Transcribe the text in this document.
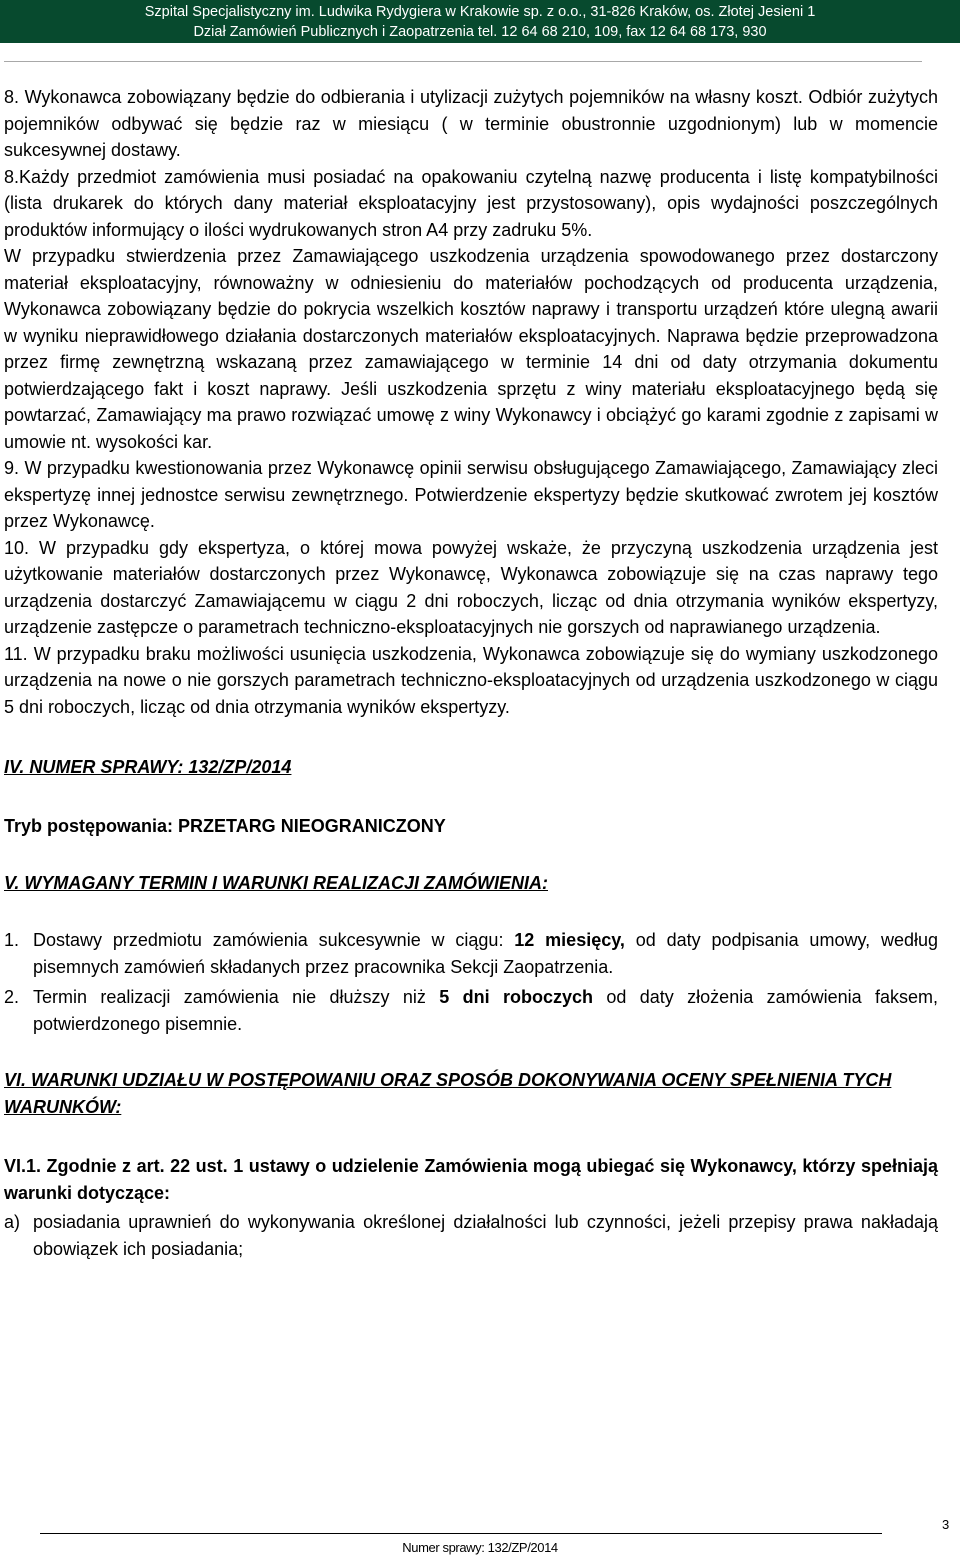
Szpital Specjalistyczny im. Ludwika Rydygiera w Krakowie sp. z o.o., 31-826 Kraków, os. Złotej Jesieni 1
Dział Zamówień Publicznych i Zaopatrzenia tel. 12 64 68 210, 109, fax 12 64 68 173, 930

8. Wykonawca zobowiązany będzie do odbierania i utylizacji zużytych pojemników na własny koszt. Odbiór zużytych pojemników odbywać się będzie raz w miesiącu ( w terminie obustronnie uzgodnionym) lub w momencie sukcesywnej dostawy.

8.Każdy przedmiot zamówienia musi posiadać na opakowaniu czytelną nazwę producenta i listę kompatybilności (lista drukarek do których dany materiał eksploatacyjny jest przystosowany), opis wydajności poszczególnych produktów informujący o ilości wydrukowanych stron A4 przy zadruku 5%.

W przypadku stwierdzenia przez Zamawiającego uszkodzenia urządzenia spowodowanego przez dostarczony materiał eksploatacyjny, równoważny w odniesieniu do materiałów pochodzących od producenta urządzenia, Wykonawca zobowiązany będzie do pokrycia wszelkich kosztów naprawy i transportu urządzeń które ulegną awarii w wyniku nieprawidłowego działania dostarczonych materiałów eksploatacyjnych. Naprawa będzie przeprowadzona przez firmę zewnętrzną wskazaną przez zamawiającego w terminie 14 dni od daty otrzymania dokumentu potwierdzającego fakt i koszt naprawy. Jeśli uszkodzenia sprzętu z winy materiału eksploatacyjnego będą się powtarzać, Zamawiający ma prawo rozwiązać umowę z winy Wykonawcy i obciążyć go karami zgodnie z zapisami w umowie nt. wysokości kar.

9. W przypadku kwestionowania przez Wykonawcę opinii serwisu obsługującego Zamawiającego, Zamawiający zleci ekspertyzę innej jednostce serwisu zewnętrznego. Potwierdzenie ekspertyzy będzie skutkować zwrotem jej kosztów przez Wykonawcę.

10. W przypadku gdy ekspertyza, o której mowa powyżej wskaże, że przyczyną uszkodzenia urządzenia jest użytkowanie materiałów dostarczonych przez Wykonawcę, Wykonawca zobowiązuje się na czas naprawy tego urządzenia dostarczyć Zamawiającemu w ciągu 2 dni roboczych, licząc od dnia otrzymania wyników ekspertyzy, urządzenie zastępcze o parametrach techniczno-eksploatacyjnych nie gorszych od naprawianego urządzenia.

11. W przypadku braku możliwości usunięcia uszkodzenia, Wykonawca zobowiązuje się do wymiany uszkodzonego urządzenia na nowe o nie gorszych parametrach techniczno-eksploatacyjnych od urządzenia uszkodzonego w ciągu 5 dni roboczych, licząc od dnia otrzymania wyników ekspertyzy.

IV. NUMER SPRAWY: 132/ZP/2014

Tryb postępowania: PRZETARG NIEOGRANICZONY

V. WYMAGANY TERMIN I WARUNKI REALIZACJI ZAMÓWIENIA:

1. Dostawy przedmiotu zamówienia sukcesywnie w ciągu: 12 miesięcy, od daty podpisania umowy, według pisemnych zamówień składanych przez pracownika Sekcji Zaopatrzenia.

2. Termin realizacji zamówienia nie dłuższy niż 5 dni roboczych od daty złożenia zamówienia faksem, potwierdzonego pisemnie.

VI. WARUNKI UDZIAŁU W POSTĘPOWANIU ORAZ SPOSÓB DOKONYWANIA OCENY SPEŁNIENIA TYCH WARUNKÓW:

VI.1. Zgodnie z art. 22 ust. 1 ustawy o udzielenie Zamówienia mogą ubiegać się Wykonawcy, którzy spełniają warunki dotyczące:

a) posiadania uprawnień do wykonywania określonej działalności lub czynności, jeżeli przepisy prawa nakładają obowiązek ich posiadania;

Numer sprawy: 132/ZP/2014
3
